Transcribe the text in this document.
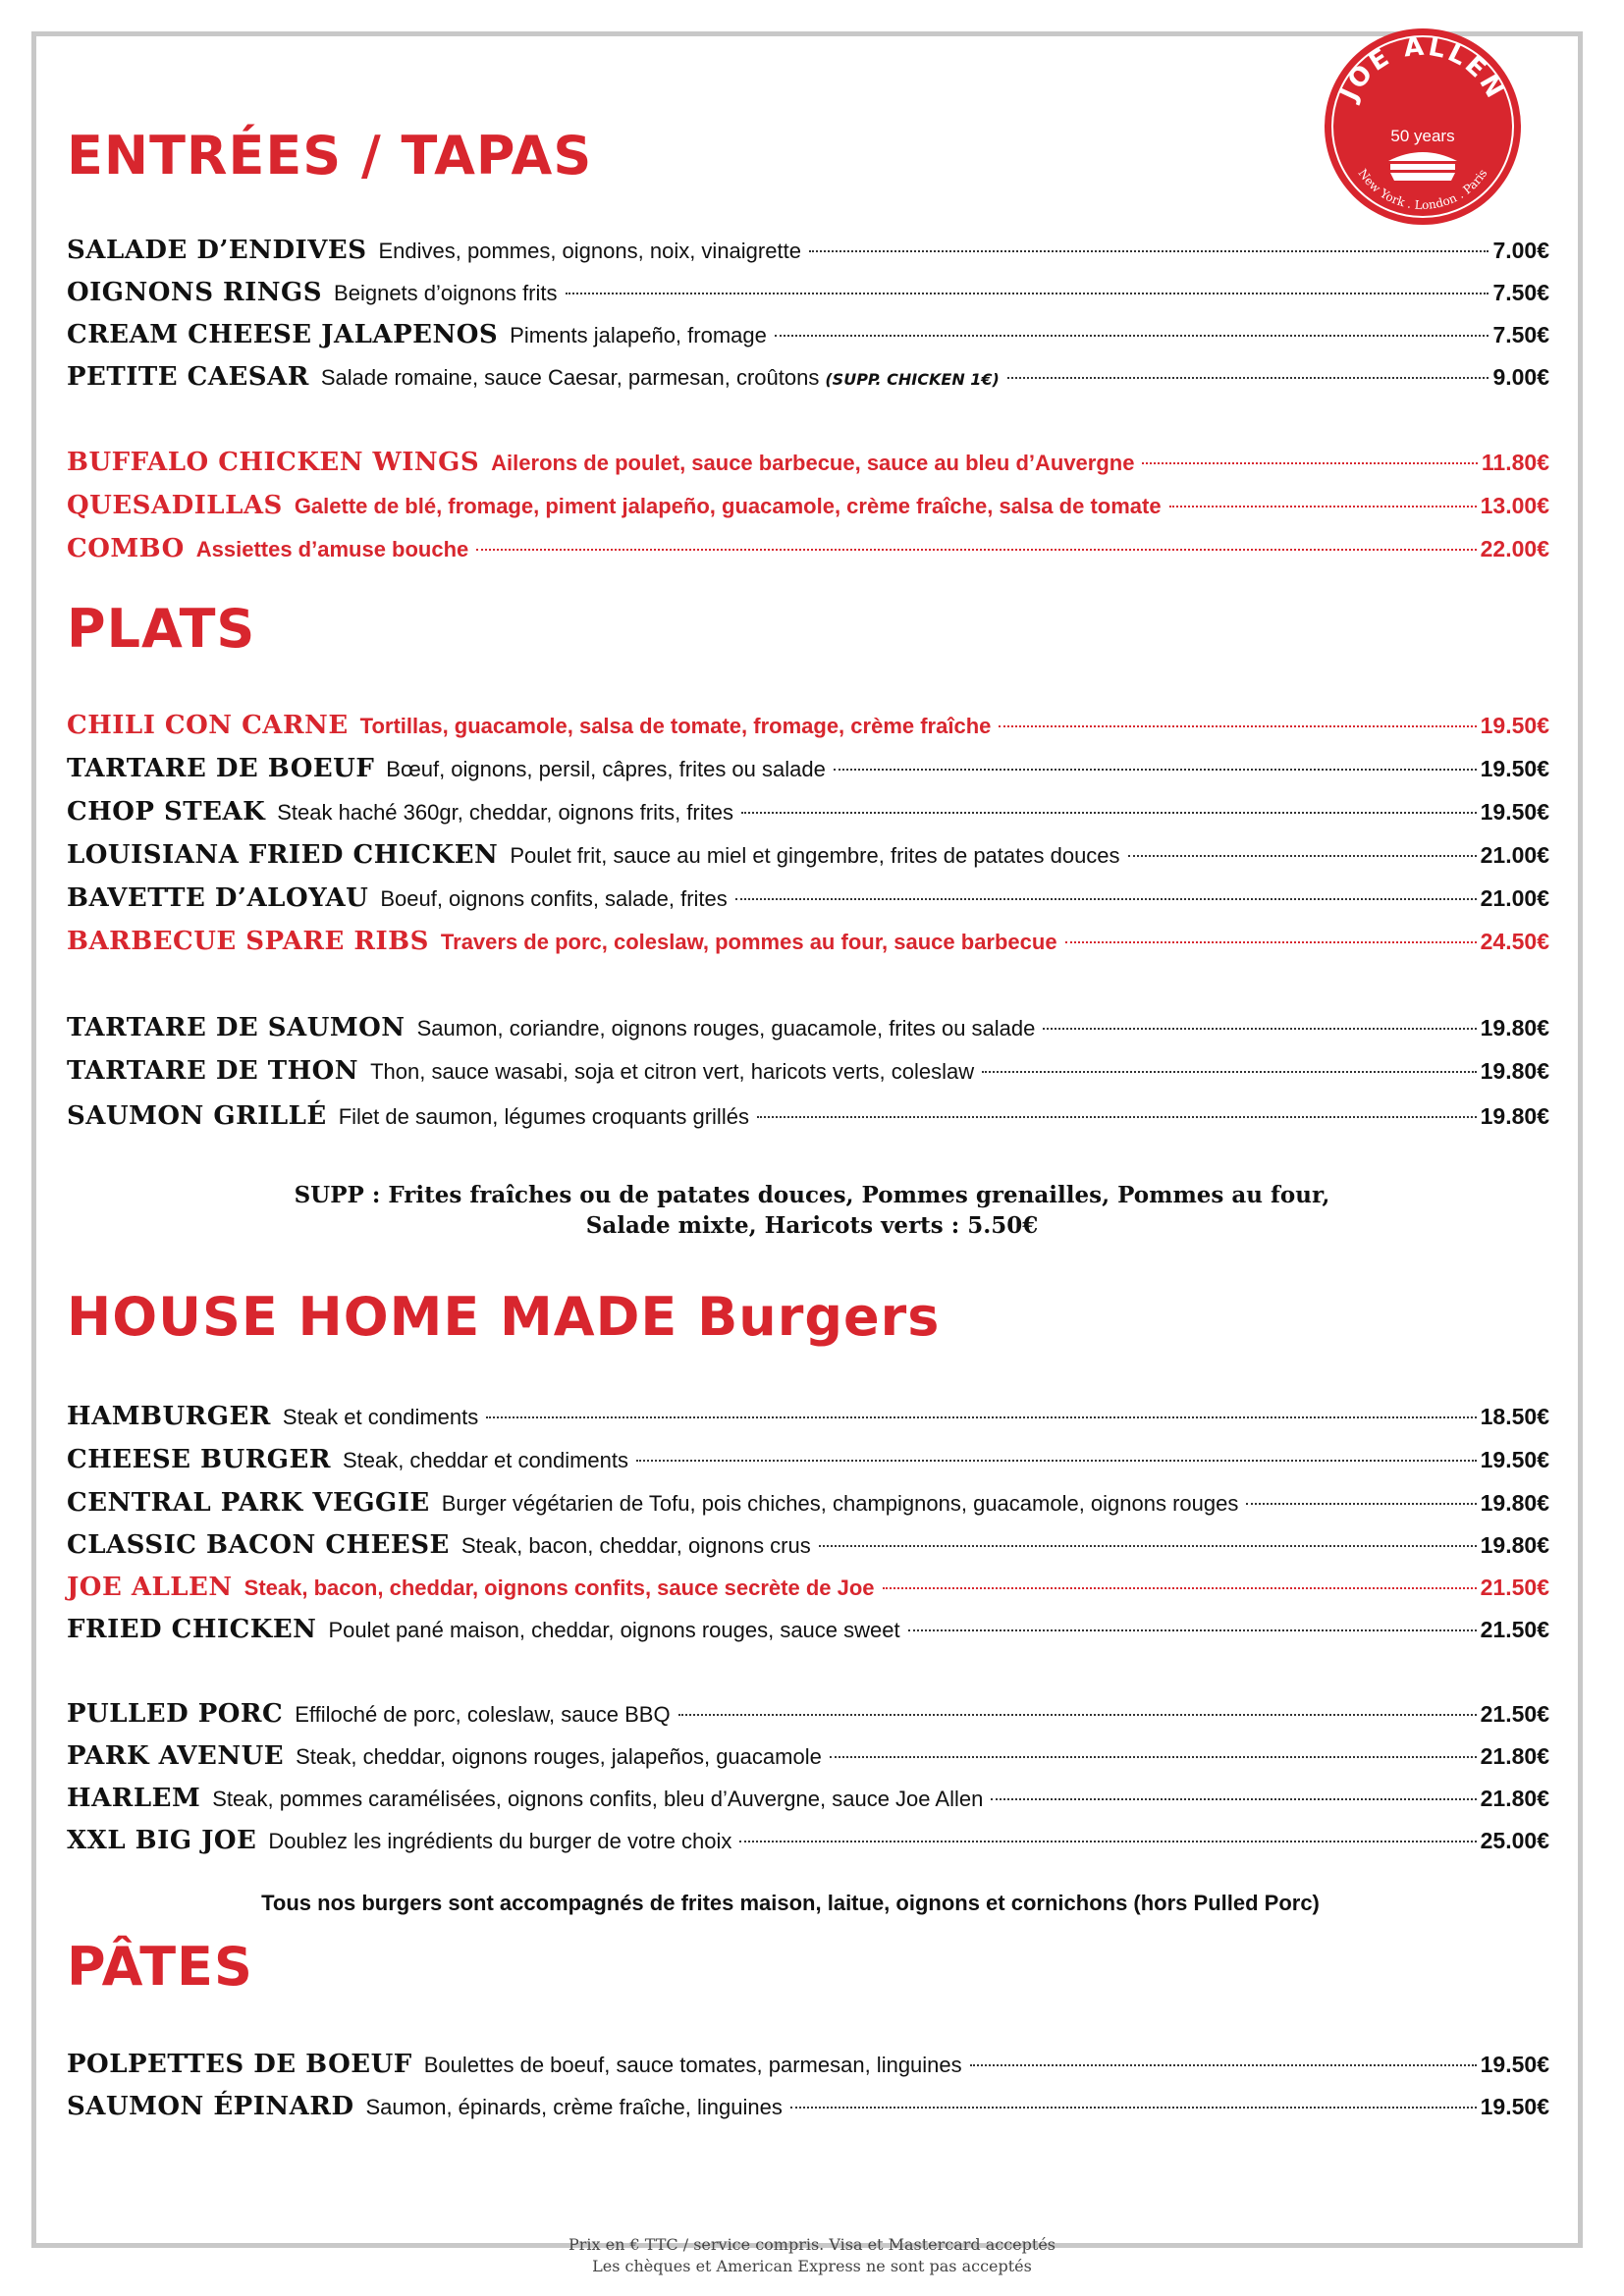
JOE ALLEN
50 years
New York . London . Paris
ENTRÉES / TAPAS
SALADE D’ENDIVES Endives, pommes, oignons, noix, vinaigrette	7.00€
OIGNONS RINGS Beignets d’oignons frits	7.50€
CREAM CHEESE JALAPENOS Piments jalapeño, fromage	7.50€
PETITE CAESAR Salade romaine, sauce Caesar, parmesan, croûtons (SUPP. CHICKEN 1€)	9.00€
BUFFALO CHICKEN WINGS Ailerons de poulet, sauce barbecue, sauce au bleu d’Auvergne	11.80€
QUESADILLAS Galette de blé, fromage, piment jalapeño, guacamole, crème fraîche, salsa de tomate	13.00€
COMBO Assiettes d’amuse bouche	22.00€
PLATS
CHILI CON CARNE Tortillas, guacamole, salsa de tomate, fromage, crème fraîche	19.50€
TARTARE DE BOEUF Bœuf, oignons, persil, câpres, frites ou salade	19.50€
CHOP STEAK Steak haché 360gr, cheddar, oignons frits, frites	19.50€
LOUISIANA FRIED CHICKEN Poulet frit, sauce au miel et gingembre, frites de patates douces	21.00€
BAVETTE D’ALOYAU Boeuf, oignons confits, salade, frites	21.00€
BARBECUE SPARE RIBS Travers de porc, coleslaw, pommes au four, sauce barbecue	24.50€
TARTARE DE SAUMON Saumon, coriandre, oignons rouges, guacamole, frites ou salade	19.80€
TARTARE DE THON Thon, sauce wasabi, soja et citron vert, haricots verts, coleslaw	19.80€
SAUMON GRILLÉ Filet de saumon, légumes croquants grillés	19.80€

SUPP : Frites fraîches ou de patates douces, Pommes grenailles, Pommes au four,

Salade mixte, Haricots verts : 5.50€

HOUSE HOME MADE Burgers
HAMBURGER Steak et condiments	18.50€
CHEESE BURGER Steak, cheddar et condiments	19.50€
CENTRAL PARK VEGGIE Burger végétarien de Tofu, pois chiches, champignons, guacamole, oignons rouges	19.80€
CLASSIC BACON CHEESE Steak, bacon, cheddar, oignons crus	19.80€
JOE ALLEN Steak, bacon, cheddar, oignons confits, sauce secrète de Joe	21.50€
FRIED CHICKEN Poulet pané maison, cheddar, oignons rouges, sauce sweet	21.50€
PULLED PORC Effiloché de porc, coleslaw, sauce BBQ	21.50€
PARK AVENUE Steak, cheddar, oignons rouges, jalapeños, guacamole	21.80€
HARLEM Steak, pommes caramélisées, oignons confits, bleu d’Auvergne, sauce Joe Allen	21.80€
XXL BIG JOE Doublez les ingrédients du burger de votre choix	25.00€

Tous nos burgers sont accompagnés de frites maison, laitue, oignons et cornichons (hors Pulled Porc)

PÂTES
POLPETTES DE BOEUF Boulettes de boeuf, sauce tomates, parmesan, linguines	19.50€
SAUMON ÉPINARD Saumon, épinards, crème fraîche, linguines	19.50€

Prix en € TTC / service compris. Visa et Mastercard acceptés

Les chèques et American Express ne sont pas acceptés
